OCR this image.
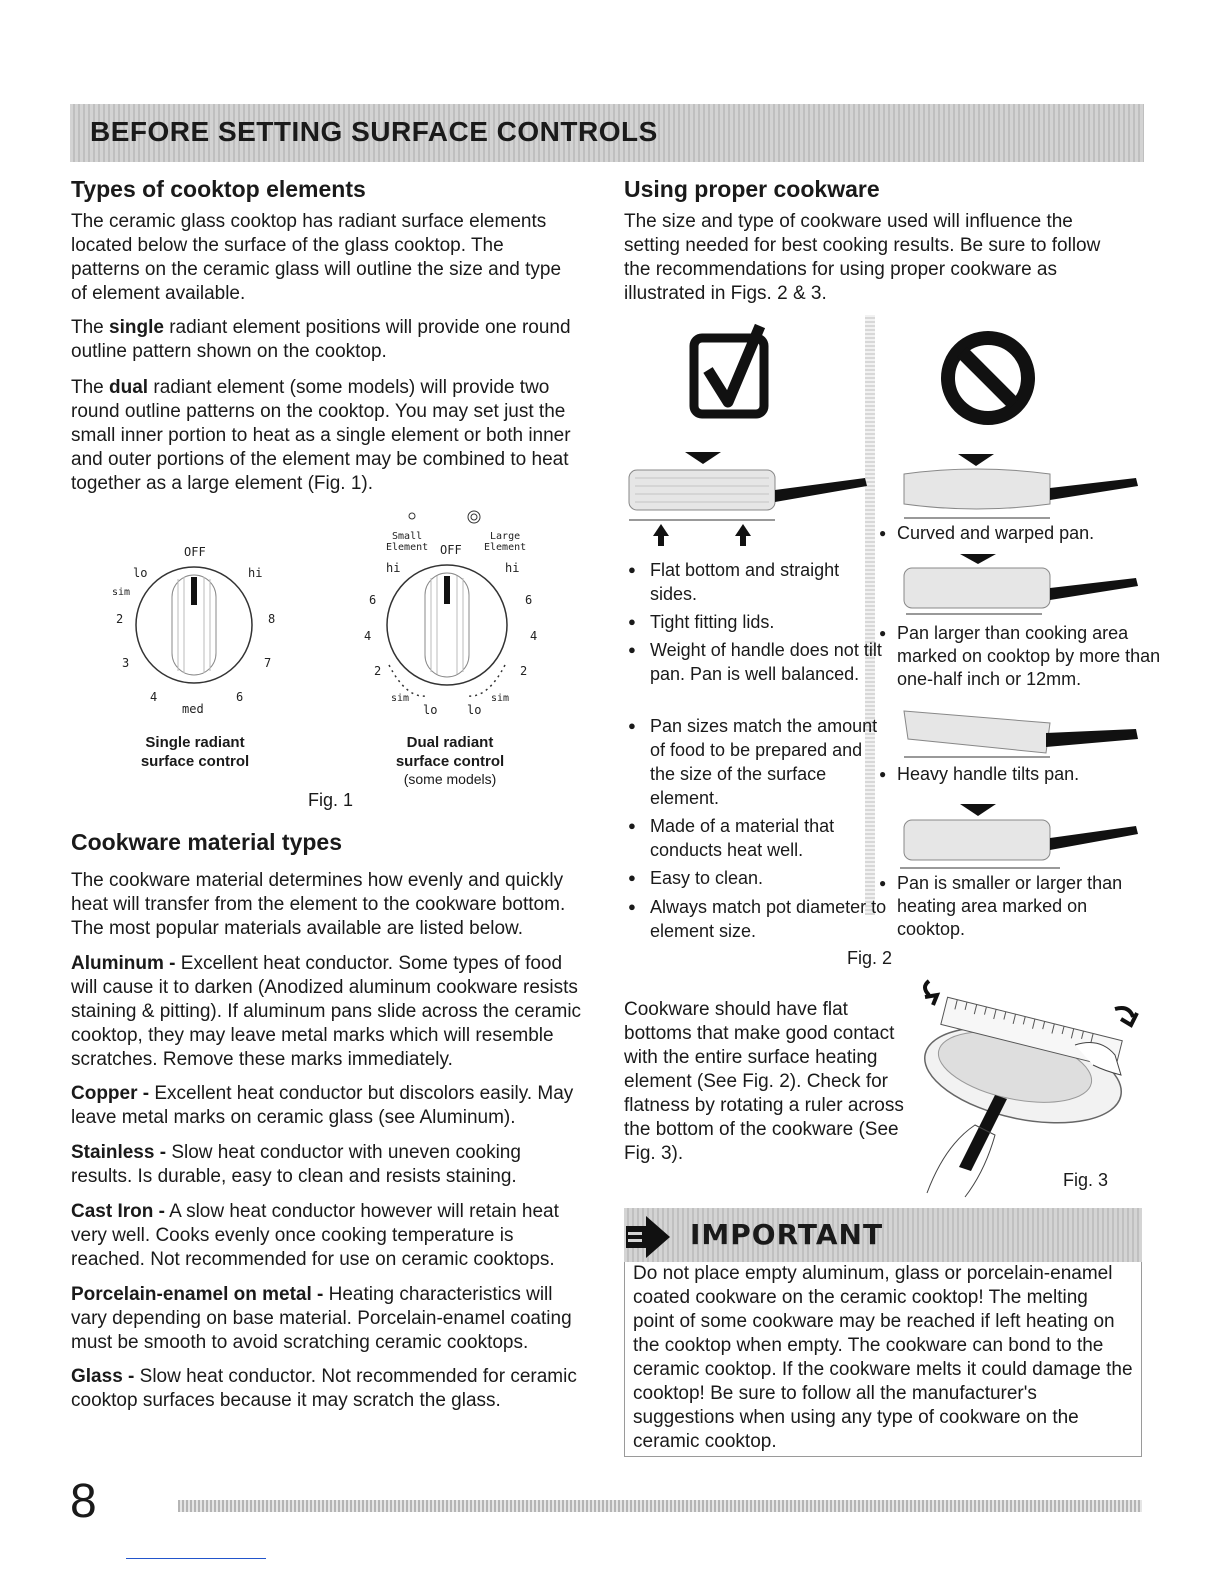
BEFORE SETTING SURFACE CONTROLS
Types of cooktop elements

The ceramic glass cooktop has radiant surface elements located below the surface of the glass cooktop. The patterns on the ceramic glass will outline the size and type of element available.

The single radiant element positions will provide one round outline pattern shown on the cooktop.

The dual radiant element (some models) will provide two round outline patterns on the cooktop. You may set just the small inner portion to heat as a single element or both inner and outer portions of the element may be combined to heat together as a large element (Fig. 1).

OFF
lo
sim
hi
2
3
4	6
7
8
med
Single radiant
surface control
Small
Element OFF
Large
Element
hi	hi
6	6
4	4
2	2
sim	sim
lo lo
Dual radiant
surface control
(some models)
Fig. 1
Cookware material types

The cookware material determines how evenly and quickly heat will transfer from the element to the cookware bottom. The most popular materials available are listed below.

Aluminum - Excellent heat conductor. Some types of food will cause it to darken (Anodized aluminum cookware resists staining & pitting). If aluminum pans slide across the ceramic cooktop, they may leave metal marks which will resemble scratches. Remove these marks immediately.

Copper - Excellent heat conductor but discolors easily. May leave metal marks on ceramic glass (see Aluminum).

Stainless - Slow heat conductor with uneven cooking results. Is durable, easy to clean and resists staining.

Cast Iron - A slow heat conductor however will retain heat very well. Cooks evenly once cooking temperature is reached. Not recommended for use on ceramic cooktops.

Porcelain-enamel on metal - Heating characteristics will vary depending on base material. Porcelain-enamel coating must be smooth to avoid scratching ceramic cooktops.

Glass - Slow heat conductor. Not recommended for ceramic cooktop surfaces because it may scratch the glass.

Using proper cookware

The size and type of cookware used will influence the setting needed for best cooking results. Be sure to follow the recommendations for using proper cookware as illustrated in Figs. 2 & 3.

● Flat bottom and straight sides.
● Tight fitting lids.
● Weight of handle does not tilt pan. Pan is well balanced.
● Pan sizes match the amount of food to be prepared and the size of the surface element.
● Made of a material that conducts heat well.
● Easy to clean.
● Always match pot diameter to element size.
● Curved and warped pan.
● Pan larger than cooking area marked on cooktop by more than one-half inch or 12mm.
● Heavy handle tilts pan.
● Pan is smaller or larger than heating area marked on cooktop.
Fig. 2

Cookware should have flat bottoms that make good contact with the entire surface heating element (See Fig. 2). Check for flatness by rotating a ruler across the bottom of the cookware (See Fig. 3).

Fig. 3
IMPORTANT

Do not place empty aluminum, glass or porcelain-enamel coated cookware on the ceramic cooktop! The melting point of some cookware may be reached if left heating on the cooktop when empty. The cookware can bond to the ceramic cooktop. If the cookware melts it could damage the cooktop! Be sure to follow all the manufacturer's suggestions when using any type of cookware on the ceramic cooktop.

8
